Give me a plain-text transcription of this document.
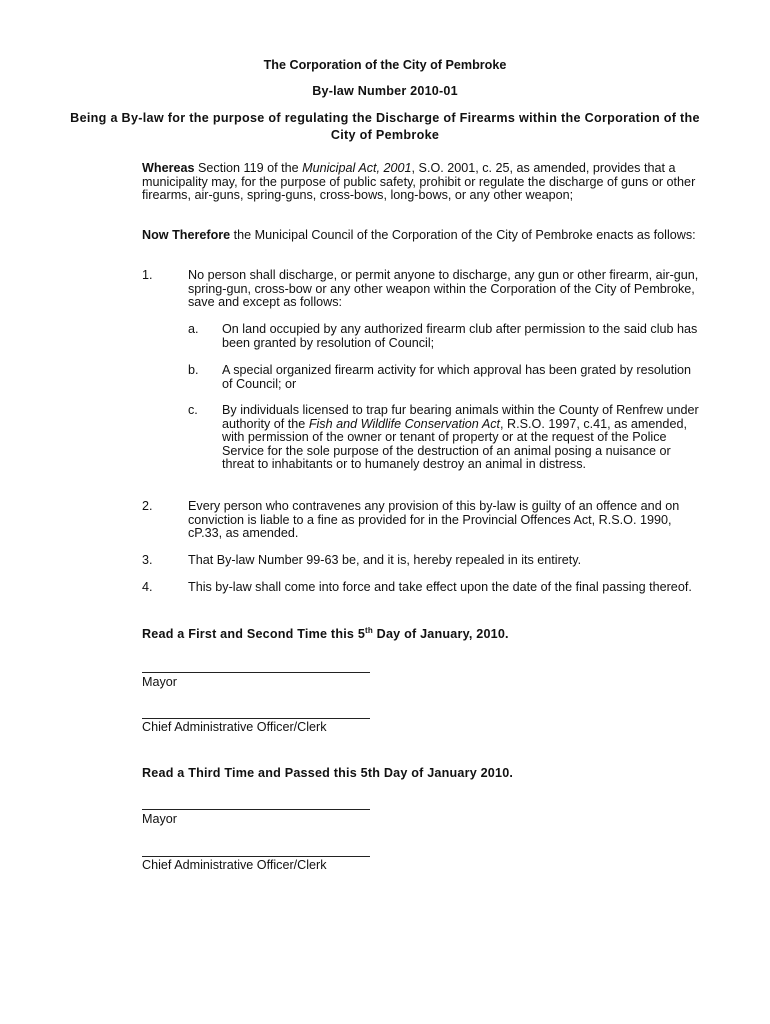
The Corporation of the City of Pembroke
By-law Number 2010-01
Being a By-law for the purpose of regulating the Discharge of Firearms within the Corporation of the City of Pembroke

Whereas Section 119 of the Municipal Act, 2001, S.O. 2001, c. 25, as amended, provides that a municipality may, for the purpose of public safety, prohibit or regulate the discharge of guns or other firearms, air-guns, spring-guns, cross-bows, long-bows, or any other weapon;

Now Therefore the Municipal Council of the Corporation of the City of Pembroke enacts as follows:

1.	No person shall discharge, or permit anyone to discharge, any gun or other firearm, air-gun, spring-gun, cross-bow or any other weapon within the Corporation of the City of Pembroke, save and except as follows:
a.	On land occupied by any authorized firearm club after permission to the said club has been granted by resolution of Council;
b.	A special organized firearm activity for which approval has been grated by resolution of Council; or
c.	By individuals licensed to trap fur bearing animals within the County of Renfrew under authority of the Fish and Wildlife Conservation Act, R.S.O. 1997, c.41, as amended, with permission of the owner or tenant of property or at the request of the Police Service for the sole purpose of the destruction of an animal posing a nuisance or threat to inhabitants or to humanely destroy an animal in distress.
2.	Every person who contravenes any provision of this by-law is guilty of an offence and on conviction is liable to a fine as provided for in the Provincial Offences Act, R.S.O. 1990, cP.33, as amended.
3.	That By-law Number 99-63 be, and it is, hereby repealed in its entirety.
4.	This by-law shall come into force and take effect upon the date of the final passing thereof.
Read a First and Second Time this 5th Day of January, 2010.
Mayor
Chief Administrative Officer/Clerk
Read a Third Time and Passed this 5th Day of January 2010.
Mayor
Chief Administrative Officer/Clerk
